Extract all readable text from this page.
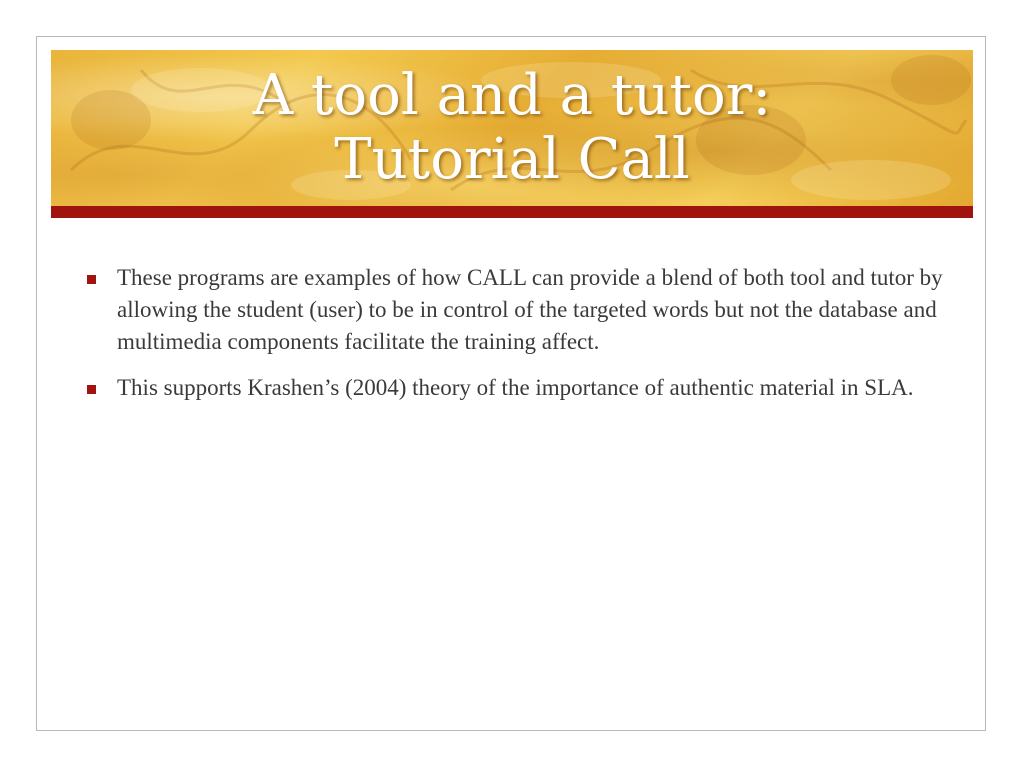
A tool and a tutor:
Tutorial Call
These programs are examples of how CALL can provide a blend of both tool and tutor by allowing the student (user) to be in control of the targeted words but not the database and multimedia components facilitate the training affect.
This supports Krashen’s (2004) theory of the importance of authentic material in SLA.
